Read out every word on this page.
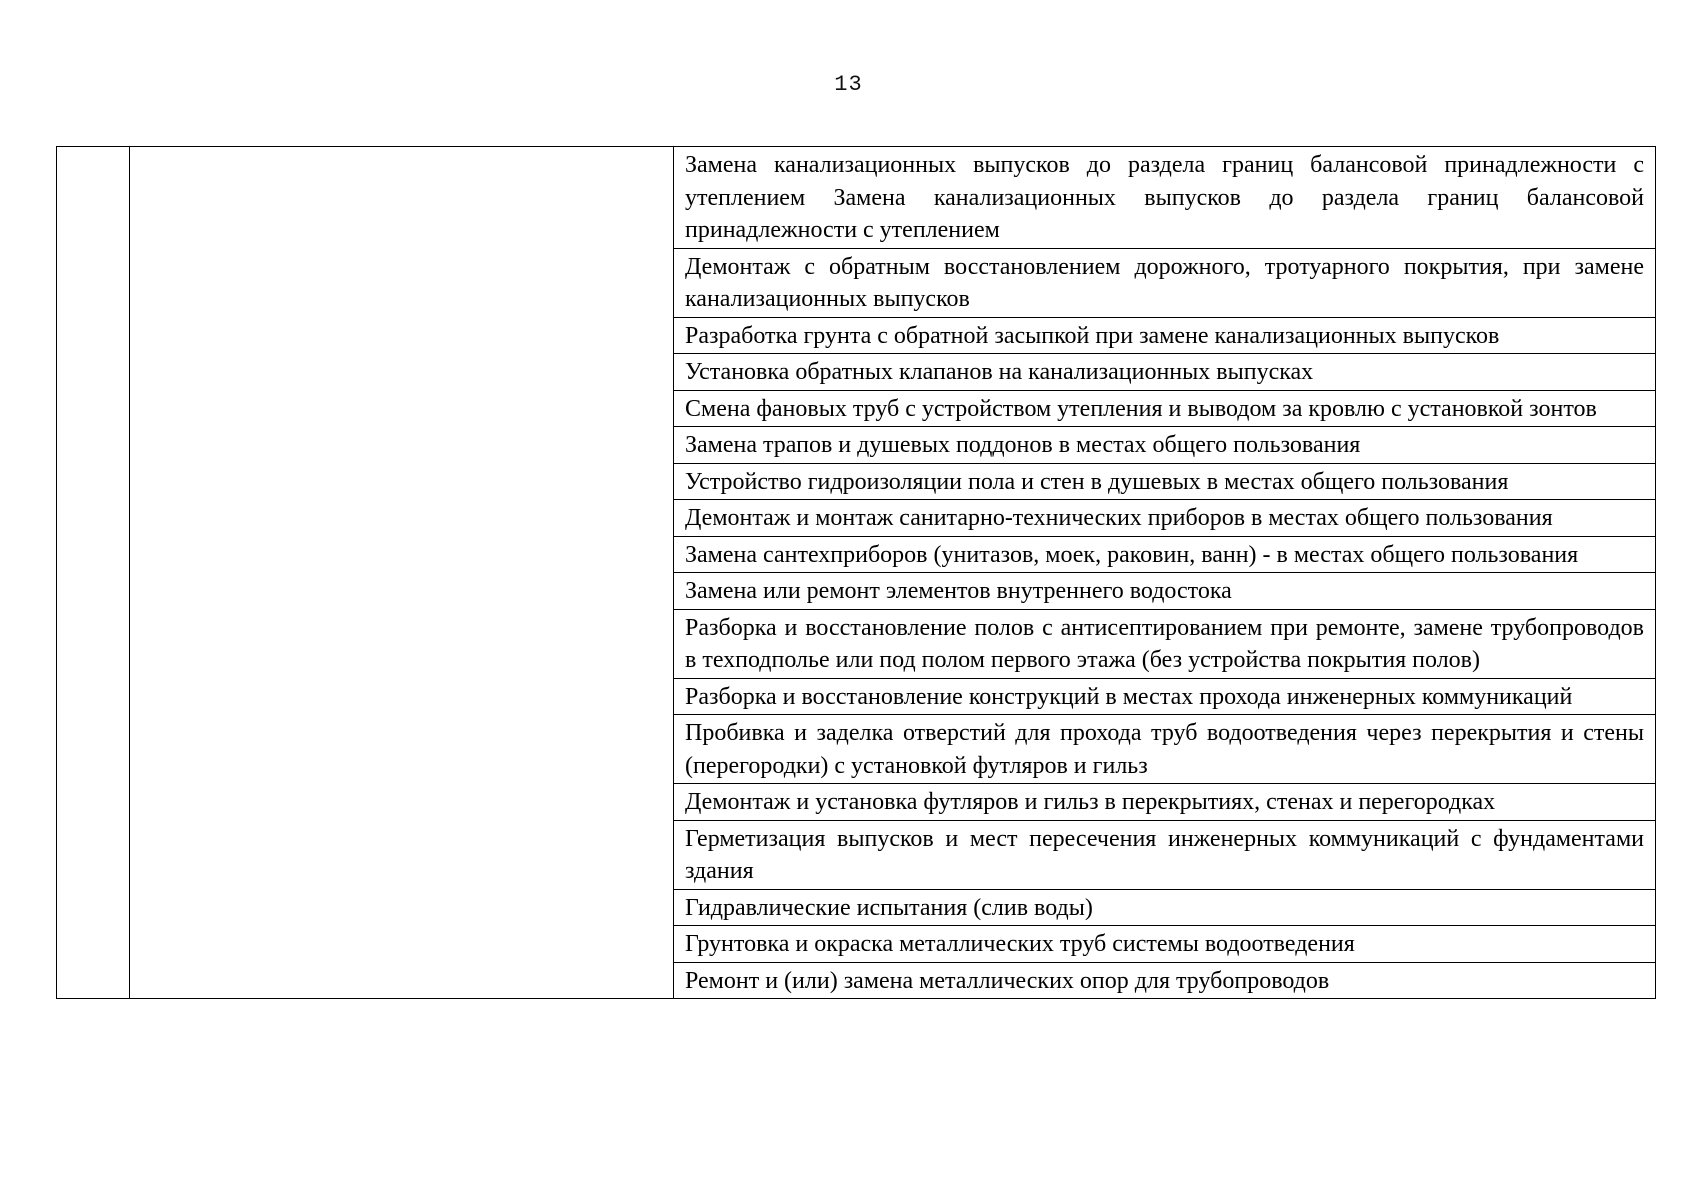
13
		Замена канализационных выпусков до раздела границ балансовой принадлежности с утеплением Замена канализационных выпусков до раздела границ балансовой принадлежности с утеплением
Демонтаж с обратным восстановлением дорожного, тротуарного покрытия, при замене канализационных выпусков
Разработка грунта с обратной засыпкой при замене канализационных выпусков
Установка обратных клапанов на канализационных выпусках
Смена фановых труб с устройством утепления и выводом за кровлю с установкой зонтов
Замена трапов и душевых поддонов в местах общего пользования
Устройство гидроизоляции пола и стен в душевых в местах общего пользования
Демонтаж и монтаж санитарно-технических приборов в местах общего пользования
Замена сантехприборов (унитазов, моек, раковин, ванн) - в местах общего пользования
Замена или ремонт элементов внутреннего водостока
Разборка и восстановление полов с антисептированием при ремонте, замене трубопроводов в техподполье или под полом первого этажа (без устройства покрытия полов)
Разборка и восстановление конструкций в местах прохода инженерных коммуникаций
Пробивка и заделка отверстий для прохода труб водоотведения через перекрытия и стены (перегородки) с установкой футляров и гильз
Демонтаж и установка футляров и гильз в перекрытиях, стенах и перегородках
Герметизация выпусков и мест пересечения инженерных коммуникаций с фундаментами здания
Гидравлические испытания (слив воды)
Грунтовка и окраска металлических труб системы водоотведения
Ремонт и (или) замена металлических опор для трубопроводов
